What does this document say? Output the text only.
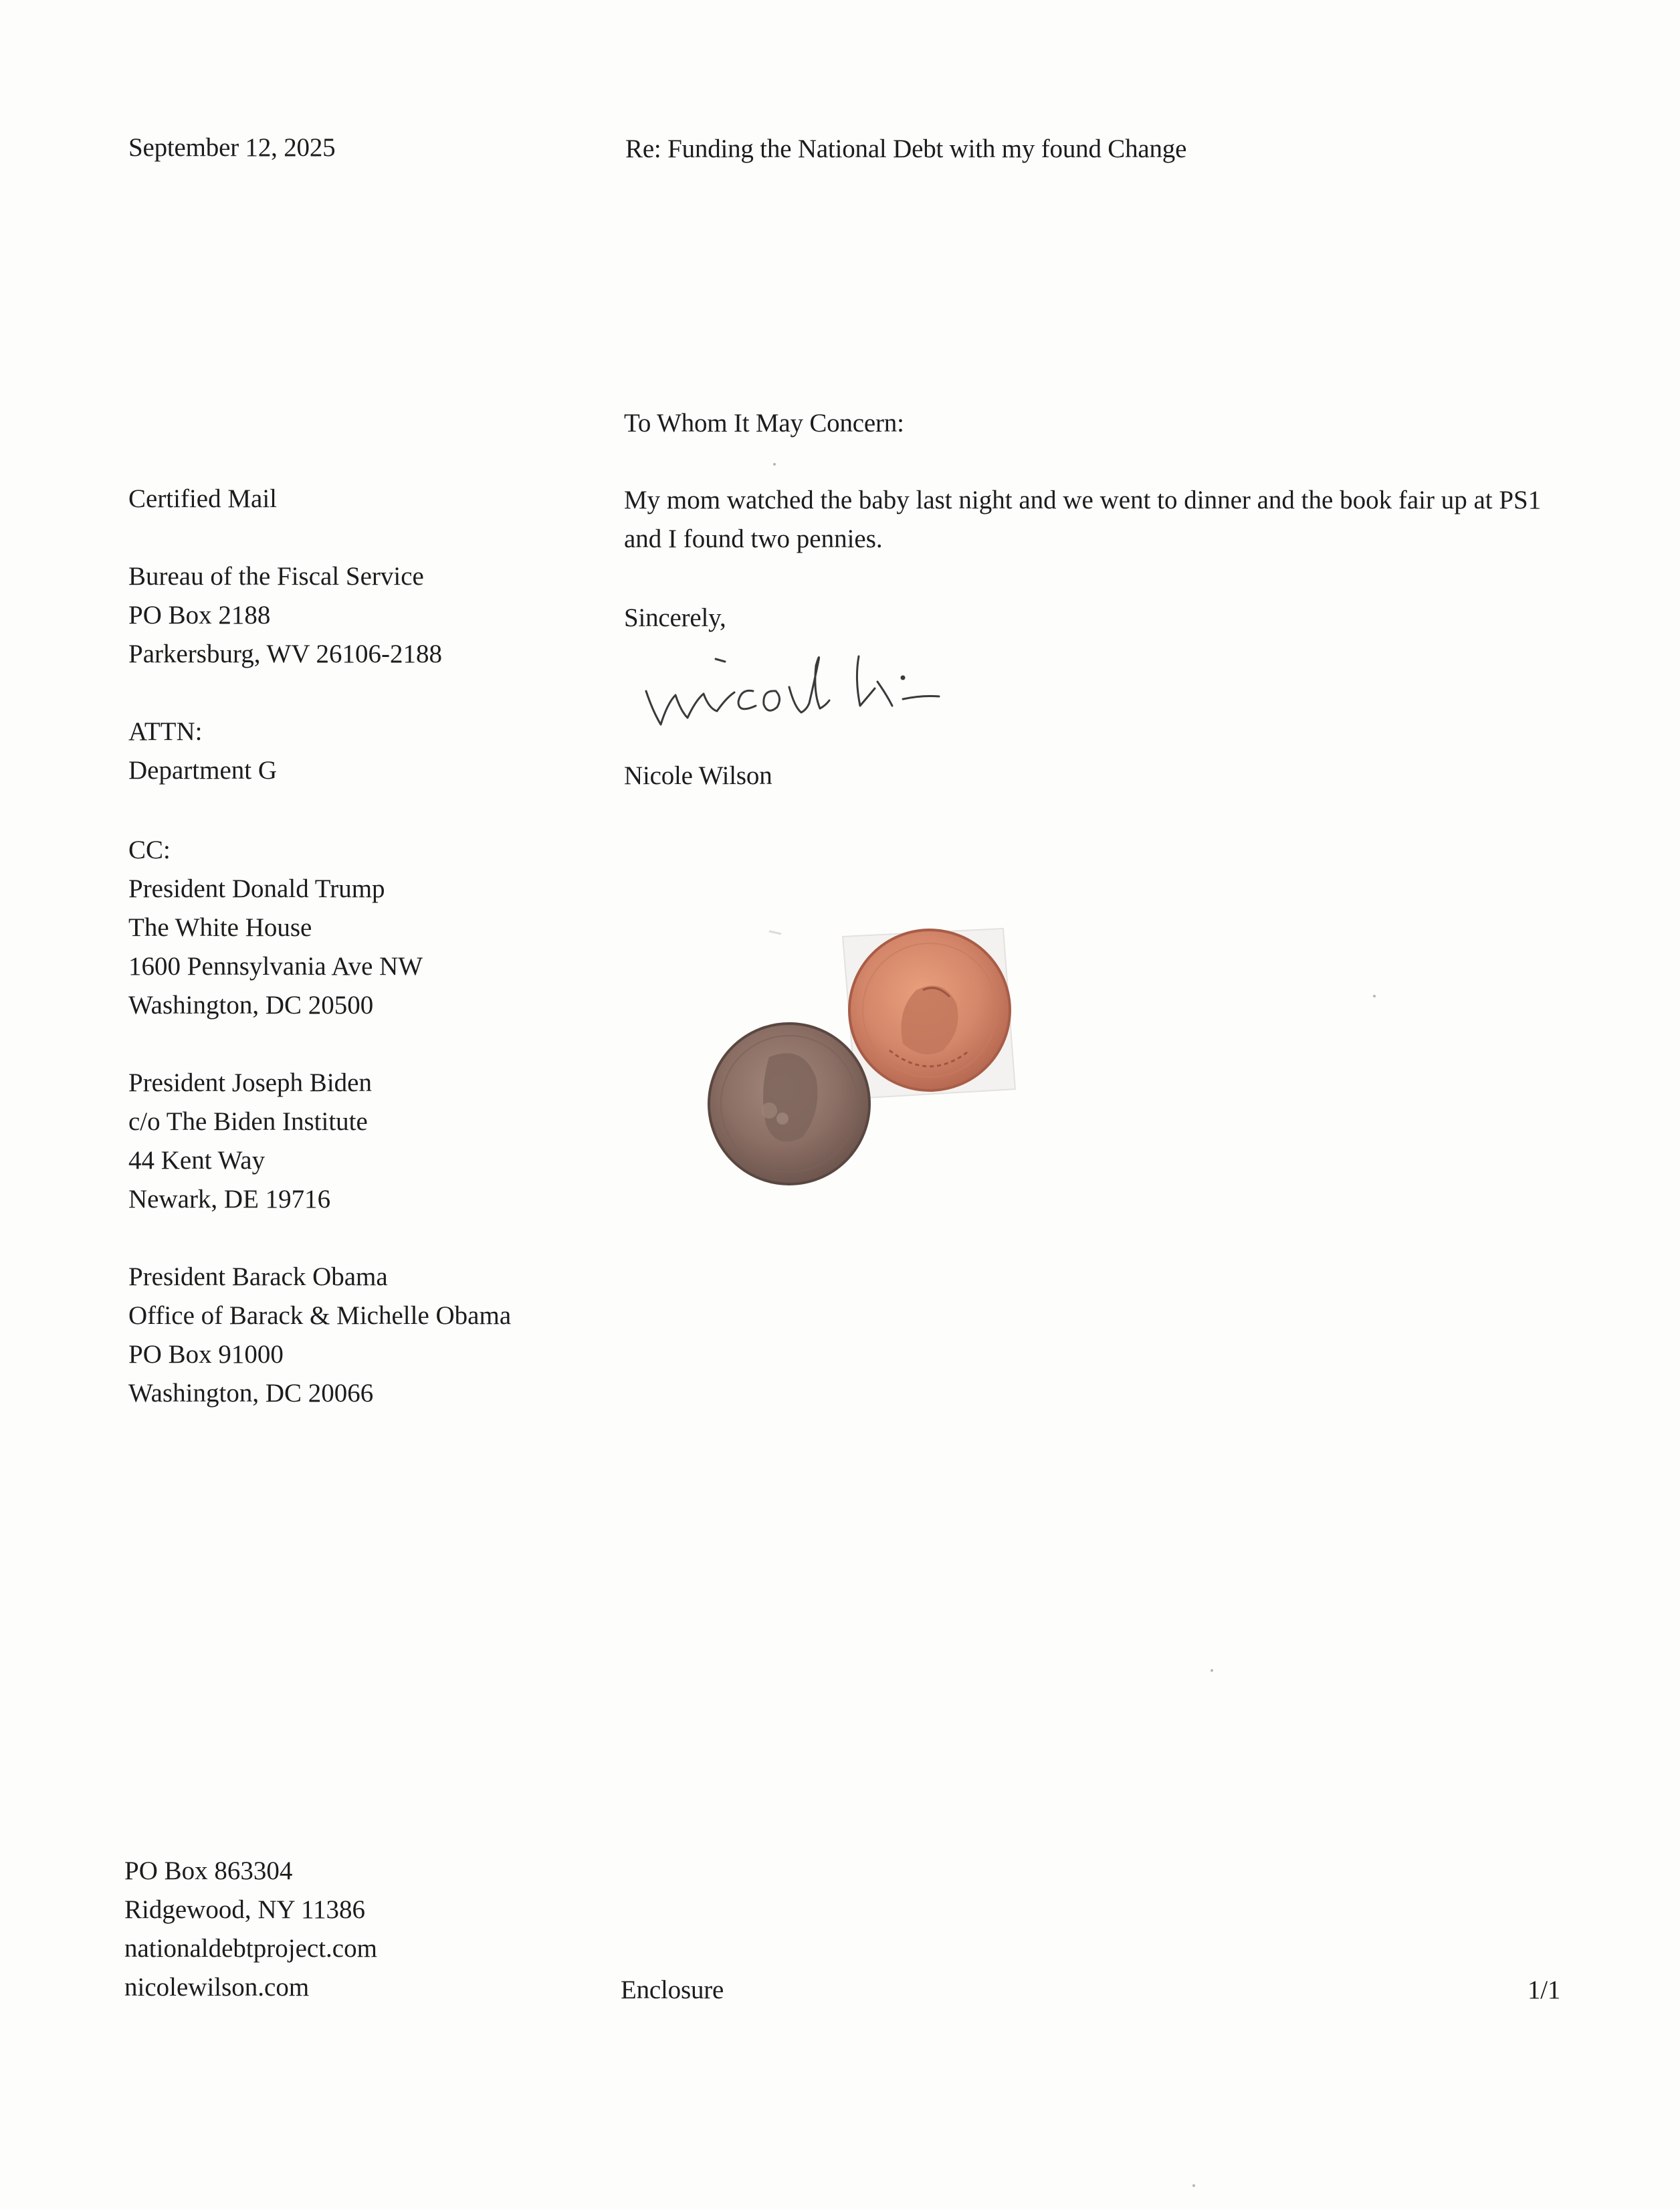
September 12, 2025	Re: Funding the National Debt with my found Change
Certified Mail
Bureau of the Fiscal Service
PO Box 2188
Parkersburg, WV 26106-2188
ATTN:
Department G
CC:
President Donald Trump
The White House
1600 Pennsylvania Ave NW
Washington, DC 20500
President Joseph Biden
c/o The Biden Institute
44 Kent Way
Newark, DE 19716
President Barack Obama
Office of Barack & Michelle Obama
PO Box 91000
Washington, DC 20066
To Whom It May Concern:
My mom watched the baby last night and we went to dinner and the book fair up at PS1 and I found two pennies.
Sincerely,
Nicole Wilson
PO Box 863304
Ridgewood, NY 11386
nationaldebtproject.com
nicolewilson.com	Enclosure	1/1
